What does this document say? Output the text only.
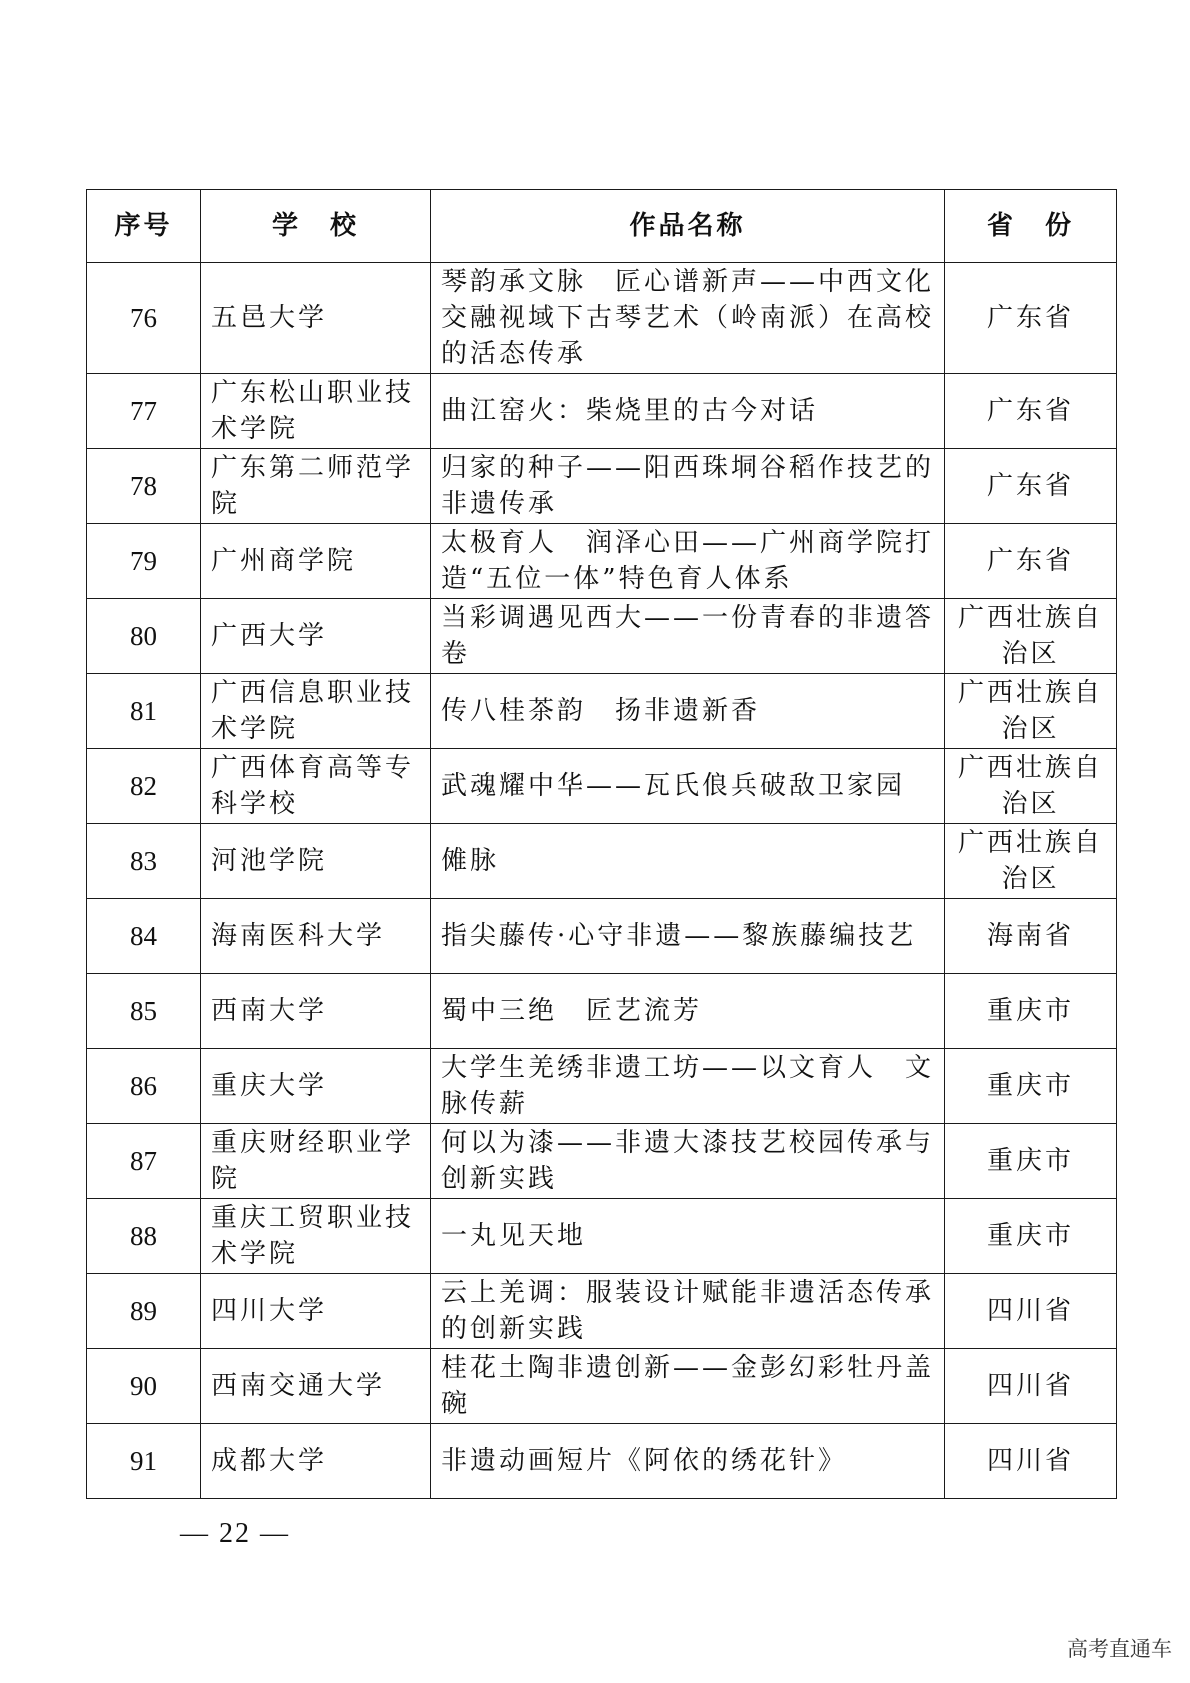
序号	学　校	作品名称	省　份
76	五邑大学	琴韵承文脉　匠心谱新声——中西文化交融视域下古琴艺术（岭南派）在高校的活态传承	广东省
77	广东松山职业技术学院	曲江窑火：柴烧里的古今对话	广东省
78	广东第二师范学院	归家的种子——阳西珠垌谷稻作技艺的非遗传承	广东省
79	广州商学院	太极育人　润泽心田——广州商学院打造“五位一体”特色育人体系	广东省
80	广西大学	当彩调遇见西大——一份青春的非遗答卷	广西壮族自治区
81	广西信息职业技术学院	传八桂茶韵　扬非遗新香	广西壮族自治区
82	广西体育高等专科学校	武魂耀中华——瓦氏俍兵破敌卫家园	广西壮族自治区
83	河池学院	傩脉	广西壮族自治区
84	海南医科大学	指尖藤传·心守非遗——黎族藤编技艺	海南省
85	西南大学	蜀中三绝　匠艺流芳	重庆市
86	重庆大学	大学生羌绣非遗工坊——以文育人　文脉传薪	重庆市
87	重庆财经职业学院	何以为漆——非遗大漆技艺校园传承与创新实践	重庆市
88	重庆工贸职业技术学院	一丸见天地	重庆市
89	四川大学	云上羌调：服装设计赋能非遗活态传承的创新实践	四川省
90	西南交通大学	桂花土陶非遗创新——金彭幻彩牡丹盖碗	四川省
91	成都大学	非遗动画短片《阿依的绣花针》	四川省
— 22 —
高考直通车
